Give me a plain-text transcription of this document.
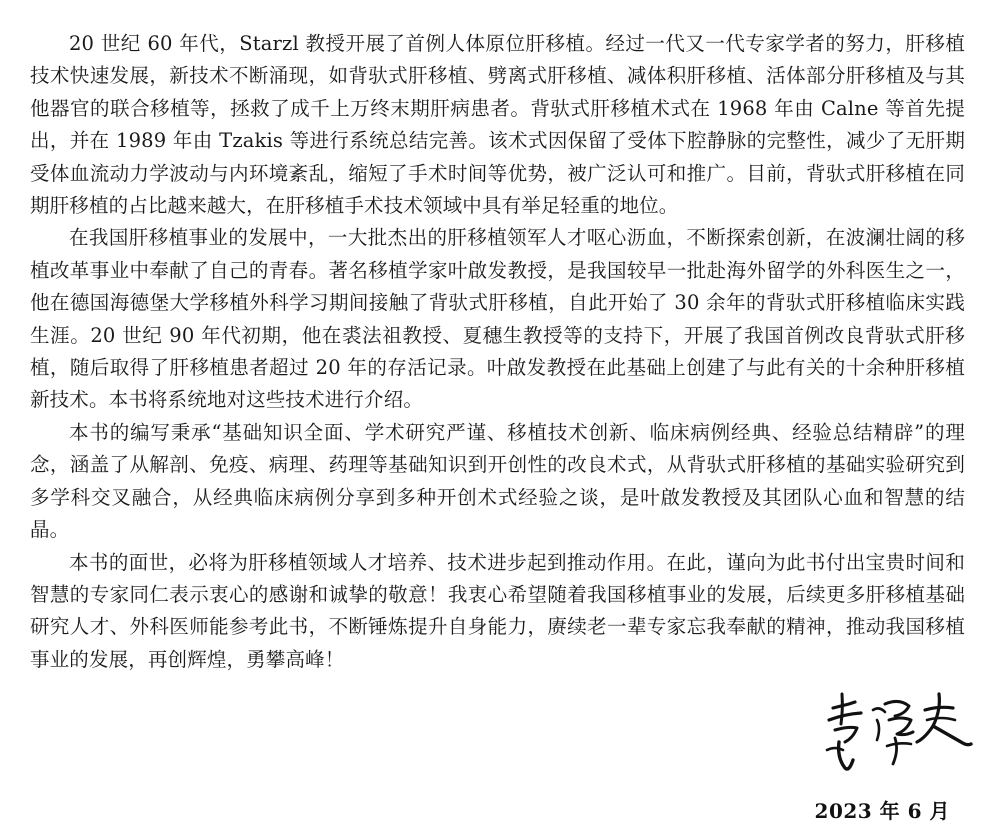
20 世纪 60 年代，Starzl 教授开展了首例人体原位肝移植。经过一代又一代专家学者的努力，肝移植技术快速发展，新技术不断涌现，如背驮式肝移植、劈离式肝移植、减体积肝移植、活体部分肝移植及与其他器官的联合移植等，拯救了成千上万终末期肝病患者。背驮式肝移植术式在 1968 年由 Calne 等首先提出，并在 1989 年由 Tzakis 等进行系统总结完善。该术式因保留了受体下腔静脉的完整性，减少了无肝期受体血流动力学波动与内环境紊乱，缩短了手术时间等优势，被广泛认可和推广。目前，背驮式肝移植在同期肝移植的占比越来越大，在肝移植手术技术领域中具有举足轻重的地位。

在我国肝移植事业的发展中，一大批杰出的肝移植领军人才呕心沥血，不断探索创新，在波澜壮阔的移植改革事业中奉献了自己的青春。著名移植学家叶啟发教授，是我国较早一批赴海外留学的外科医生之一，他在德国海德堡大学移植外科学习期间接触了背驮式肝移植，自此开始了 30 余年的背驮式肝移植临床实践生涯。20 世纪 90 年代初期，他在裘法祖教授、夏穗生教授等的支持下，开展了我国首例改良背驮式肝移植，随后取得了肝移植患者超过 20 年的存活记录。叶啟发教授在此基础上创建了与此有关的十余种肝移植新技术。本书将系统地对这些技术进行介绍。

本书的编写秉承“基础知识全面、学术研究严谨、移植技术创新、临床病例经典、经验总结精辟”的理念，涵盖了从解剖、免疫、病理、药理等基础知识到开创性的改良术式，从背驮式肝移植的基础实验研究到多学科交叉融合，从经典临床病例分享到多种开创术式经验之谈，是叶啟发教授及其团队心血和智慧的结晶。

本书的面世，必将为肝移植领域人才培养、技术进步起到推动作用。在此，谨向为此书付出宝贵时间和智慧的专家同仁表示衷心的感谢和诚挚的敬意！我衷心希望随着我国移植事业的发展，后续更多肝移植基础研究人才、外科医师能参考此书，不断锤炼提升自身能力，赓续老一辈专家忘我奉献的精神，推动我国移植事业的发展，再创辉煌，勇攀高峰！

2023 年 6 月
